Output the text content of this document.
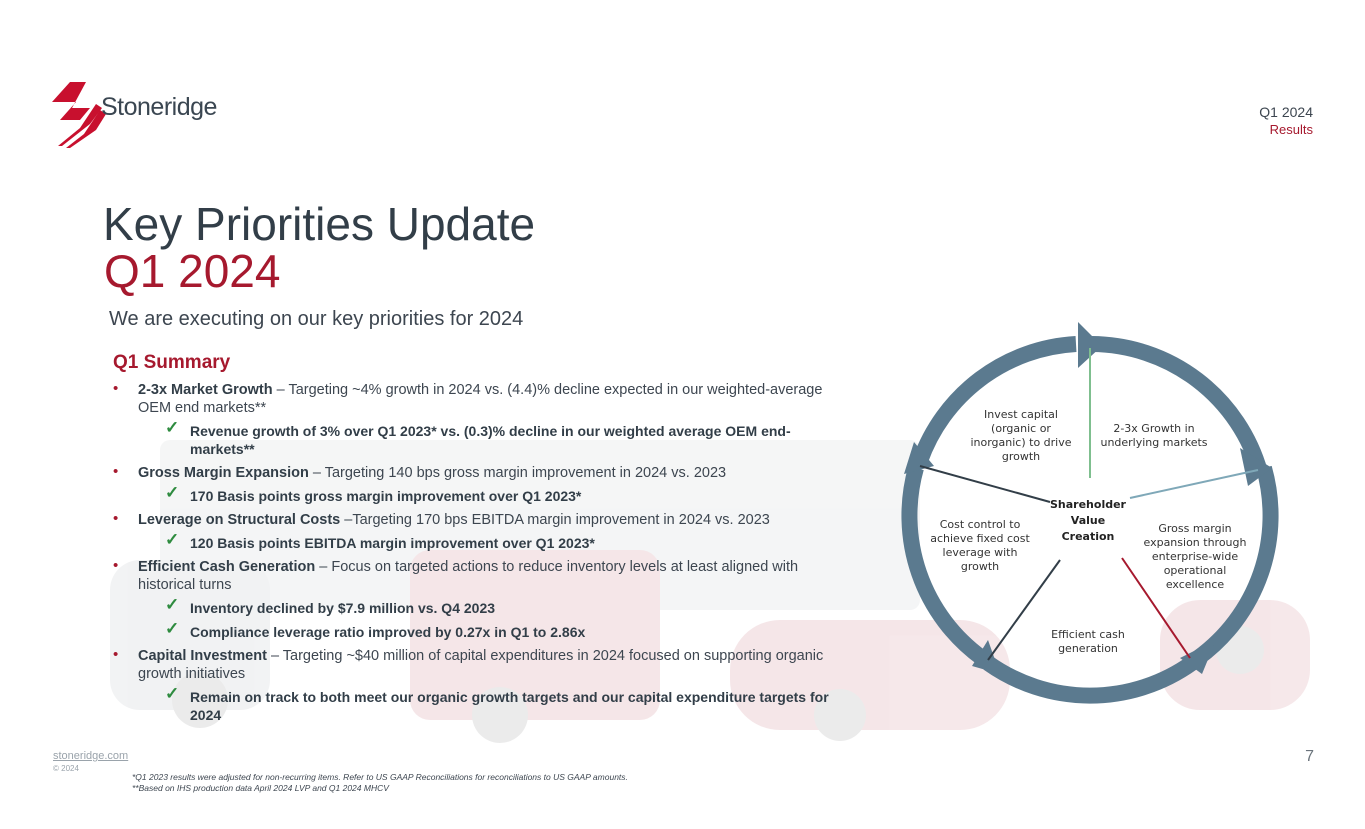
Stoneridge	Q1 2024
Results
Key Priorities Update
Q1 2024
We are executing on our key priorities for 2024
Q1 Summary
• 2-3x Market Growth – Targeting ~4% growth in 2024 vs. (4.4)% decline expected in our weighted-average OEM end markets**
✓ Revenue growth of 3% over Q1 2023* vs. (0.3)% decline in our weighted average OEM end-markets**
• Gross Margin Expansion – Targeting 140 bps gross margin improvement in 2024 vs. 2023
✓ 170 Basis points gross margin improvement over Q1 2023*
• Leverage on Structural Costs –Targeting 170 bps EBITDA margin improvement in 2024 vs. 2023
✓ 120 Basis points EBITDA margin improvement over Q1 2023*
• Efficient Cash Generation – Focus on targeted actions to reduce inventory levels at least aligned with historical turns
✓ Inventory declined by $7.9 million vs. Q4 2023
✓ Compliance leverage ratio improved by 0.27x in Q1 to 2.86x
• Capital Investment – Targeting ~$40 million of capital expenditures in 2024 focused on supporting organic growth initiatives
✓ Remain on track to both meet our organic growth targets and our capital expenditure targets for 2024
Shareholder
Value
Creation
2-3x Growth in
underlying markets
Gross margin
expansion through
enterprise-wide
operational
excellence
Efficient cash
generation
Cost control to
achieve fixed cost
leverage with
growth
Invest capital
(organic or
inorganic) to drive
growth
stoneridge.com
© 2024
7
*Q1 2023 results were adjusted for non-recurring items. Refer to US GAAP Reconciliations for reconciliations to US GAAP amounts.
**Based on IHS production data April 2024 LVP and Q1 2024 MHCV
